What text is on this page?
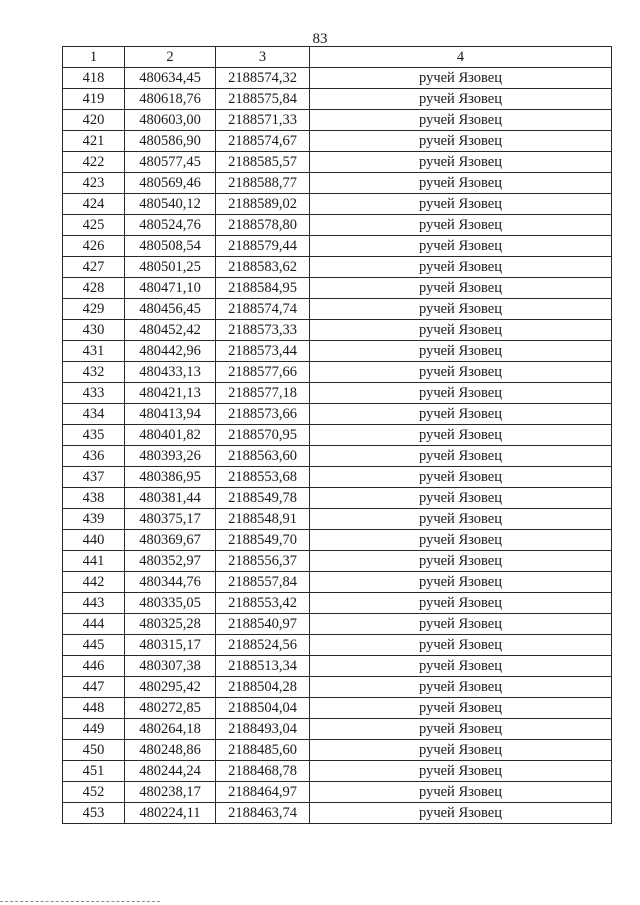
83
1	2	3	4
418	480634,45	2188574,32	ручей Язовец
419	480618,76	2188575,84	ручей Язовец
420	480603,00	2188571,33	ручей Язовец
421	480586,90	2188574,67	ручей Язовец
422	480577,45	2188585,57	ручей Язовец
423	480569,46	2188588,77	ручей Язовец
424	480540,12	2188589,02	ручей Язовец
425	480524,76	2188578,80	ручей Язовец
426	480508,54	2188579,44	ручей Язовец
427	480501,25	2188583,62	ручей Язовец
428	480471,10	2188584,95	ручей Язовец
429	480456,45	2188574,74	ручей Язовец
430	480452,42	2188573,33	ручей Язовец
431	480442,96	2188573,44	ручей Язовец
432	480433,13	2188577,66	ручей Язовец
433	480421,13	2188577,18	ручей Язовец
434	480413,94	2188573,66	ручей Язовец
435	480401,82	2188570,95	ручей Язовец
436	480393,26	2188563,60	ручей Язовец
437	480386,95	2188553,68	ручей Язовец
438	480381,44	2188549,78	ручей Язовец
439	480375,17	2188548,91	ручей Язовец
440	480369,67	2188549,70	ручей Язовец
441	480352,97	2188556,37	ручей Язовец
442	480344,76	2188557,84	ручей Язовец
443	480335,05	2188553,42	ручей Язовец
444	480325,28	2188540,97	ручей Язовец
445	480315,17	2188524,56	ручей Язовец
446	480307,38	2188513,34	ручей Язовец
447	480295,42	2188504,28	ручей Язовец
448	480272,85	2188504,04	ручей Язовец
449	480264,18	2188493,04	ручей Язовец
450	480248,86	2188485,60	ручей Язовец
451	480244,24	2188468,78	ручей Язовец
452	480238,17	2188464,97	ручей Язовец
453	480224,11	2188463,74	ручей Язовец
